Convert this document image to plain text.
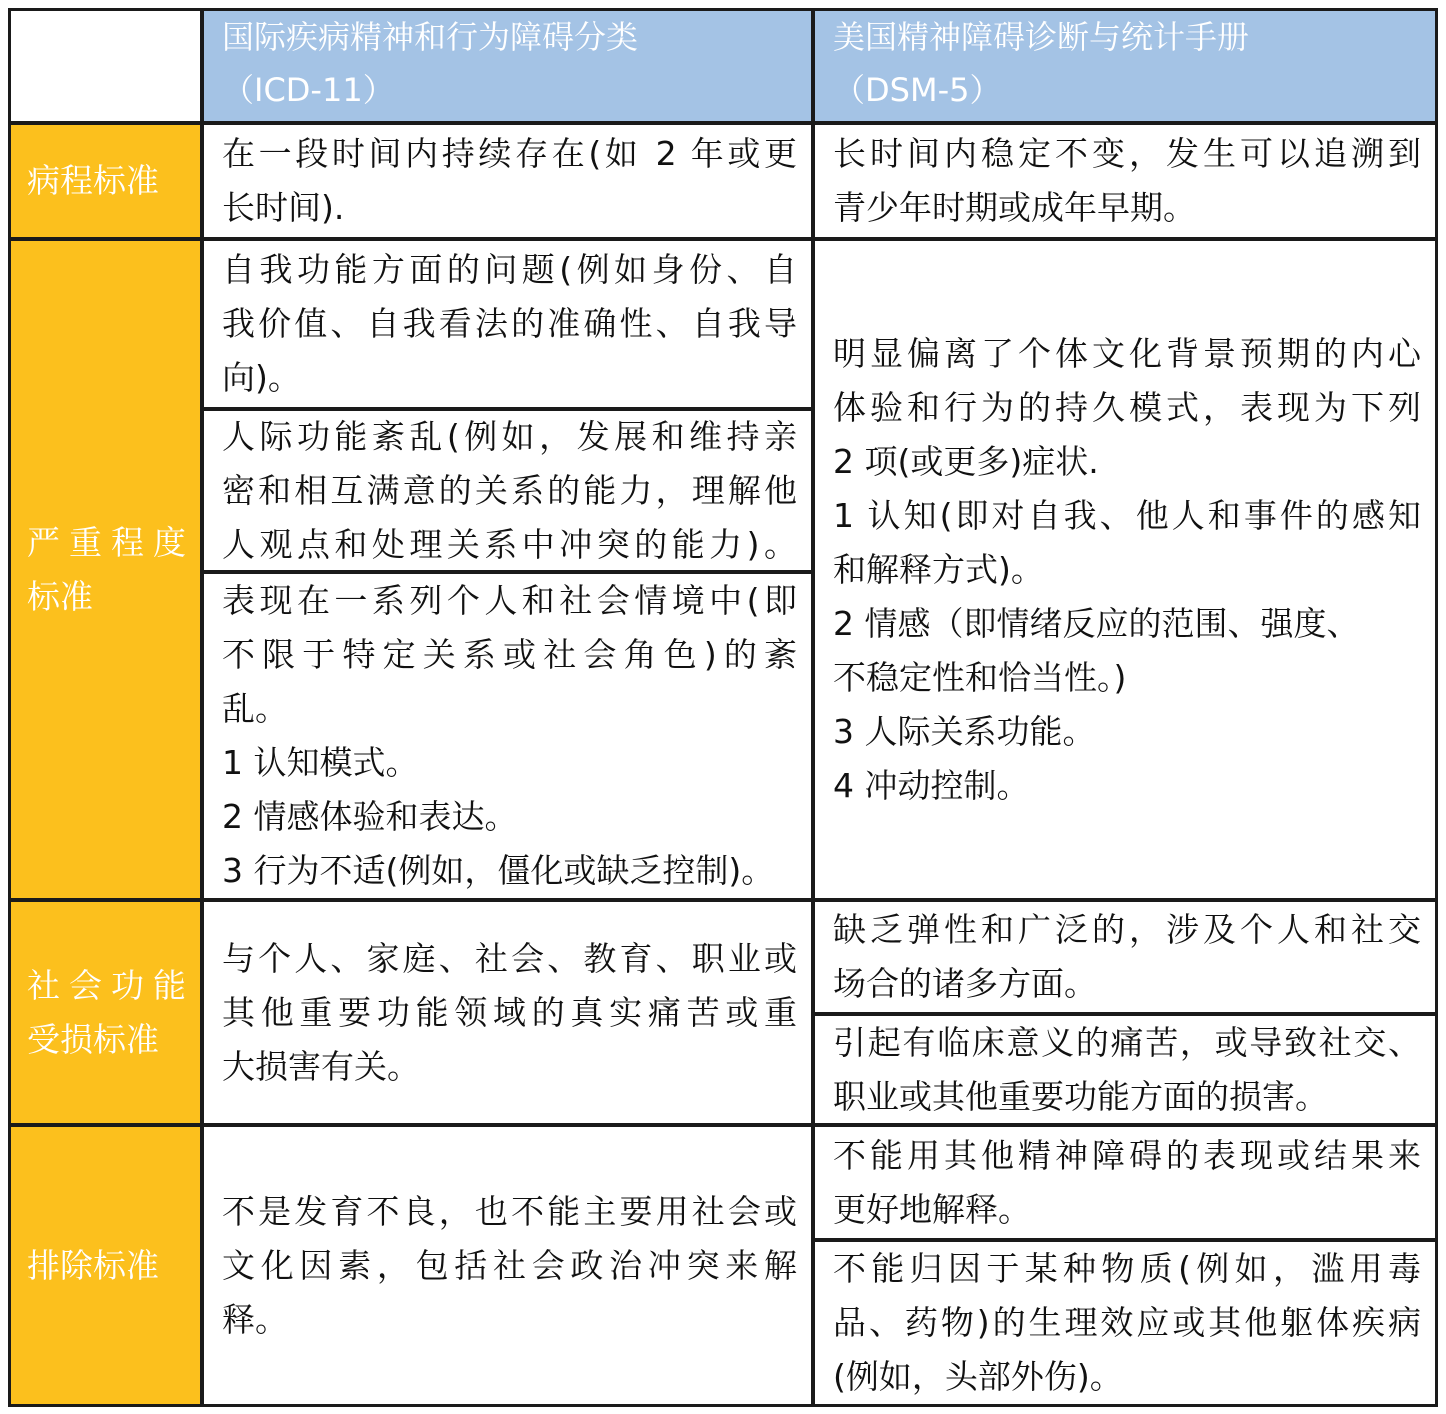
国际疾病精神和行为障碍分类
（ICD-11）
美国精神障碍诊断与统计手册
（DSM-5）
病程标准
在一段时间内持续存在(如 2 年或更
长时间).
长时间内稳定不变，发生可以追溯到
青少年时期或成年早期。
严重程度
标准
自我功能方面的问题(例如身份、自
我价值、自我看法的准确性、自我导
向)。
人际功能紊乱(例如，发展和维持亲
密和相互满意的关系的能力，理解他
人观点和处理关系中冲突的能力)。
表现在一系列个人和社会情境中(即
不限于特定关系或社会角色)的紊
乱。
1 认知模式。
2 情感体验和表达。
3 行为不适(例如，僵化或缺乏控制)。
明显偏离了个体文化背景预期的内心
体验和行为的持久模式，表现为下列
2 项(或更多)症状.
1 认知(即对自我、他人和事件的感知
和解释方式)。
2 情感（即情绪反应的范围、强度、
不稳定性和恰当性。)
3 人际关系功能。
4 冲动控制。
社会功能
受损标准
与个人、家庭、社会、教育、职业或
其他重要功能领域的真实痛苦或重
大损害有关。
缺乏弹性和广泛的，涉及个人和社交
场合的诸多方面。
引起有临床意义的痛苦，或导致社交、
职业或其他重要功能方面的损害。
排除标准
不是发育不良，也不能主要用社会或
文化因素，包括社会政治冲突来解
释。
不能用其他精神障碍的表现或结果来
更好地解释。
不能归因于某种物质(例如，滥用毒
品、药物)的生理效应或其他躯体疾病
(例如，头部外伤)。
